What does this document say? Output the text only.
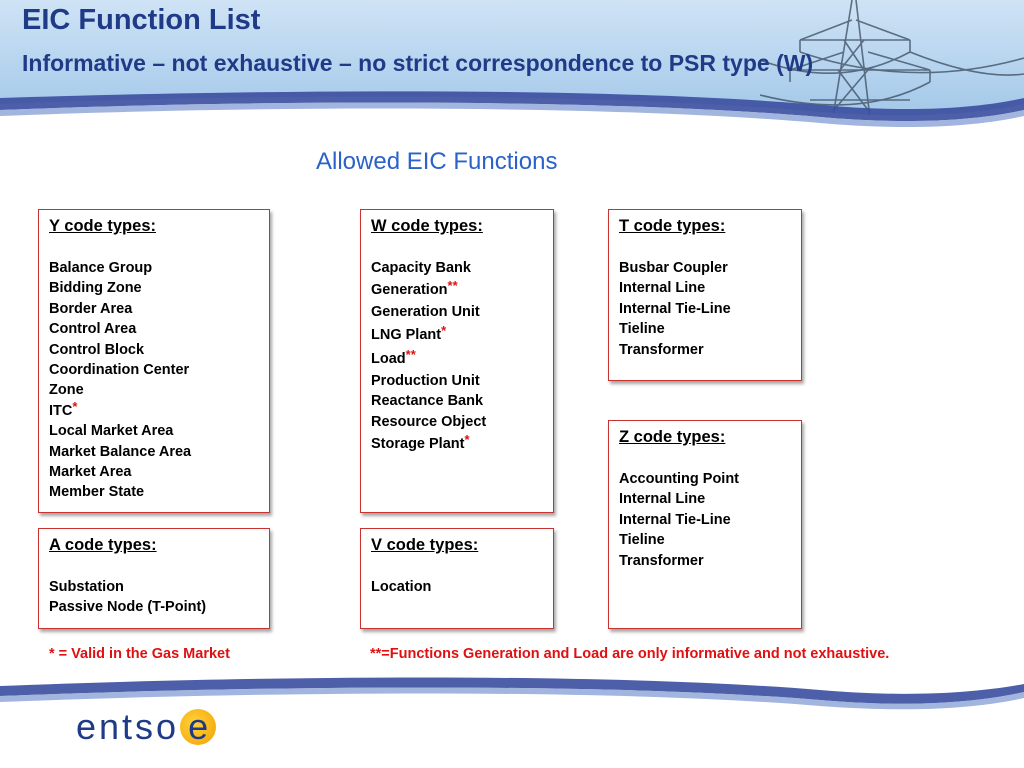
EIC Function List
Informative – not exhaustive – no strict correspondence to PSR type (W)
Allowed EIC Functions
Y code types:
Balance Group
Bidding Zone
Border Area
Control Area
Control Block
Coordination Center
Zone
ITC*
Local Market Area
Market Balance Area
Market Area
Member State
W code types:
Capacity Bank
Generation**
Generation Unit
LNG Plant*
Load**
Production Unit
Reactance Bank
Resource Object
Storage Plant*
T code types:
Busbar Coupler
Internal Line
Internal Tie-Line
Tieline
Transformer
Z code types:
Accounting Point
Internal Line
Internal Tie-Line
Tieline
Transformer
A code types:
Substation
Passive Node (T-Point)
V code types:
Location
* = Valid in the Gas Market	**=Functions Generation and Load are only informative and not exhaustive.
entso e
